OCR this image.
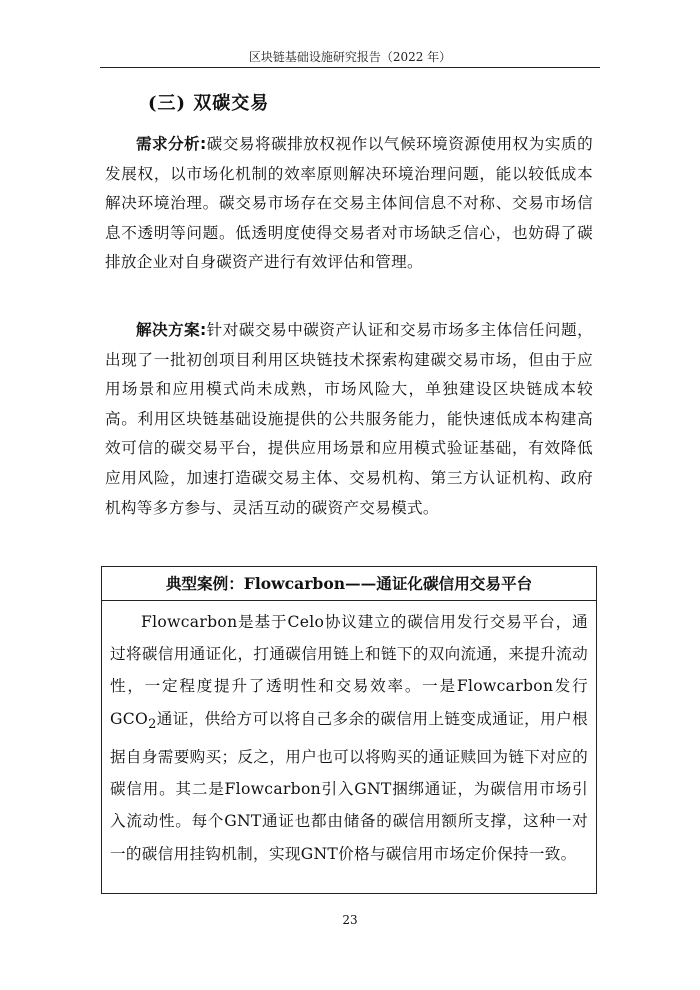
区块链基础设施研究报告（2022 年）
(三) 双碳交易

需求分析:碳交易将碳排放权视作以气候环境资源使用权为实质的发展权，以市场化机制的效率原则解决环境治理问题，能以较低成本解决环境治理。碳交易市场存在交易主体间信息不对称、交易市场信息不透明等问题。低透明度使得交易者对市场缺乏信心，也妨碍了碳排放企业对自身碳资产进行有效评估和管理。

解决方案:针对碳交易中碳资产认证和交易市场多主体信任问题，出现了一批初创项目利用区块链技术探索构建碳交易市场，但由于应用场景和应用模式尚未成熟，市场风险大，单独建设区块链成本较高。利用区块链基础设施提供的公共服务能力，能快速低成本构建高效可信的碳交易平台，提供应用场景和应用模式验证基础，有效降低应用风险，加速打造碳交易主体、交易机构、第三方认证机构、政府机构等多方参与、灵活互动的碳资产交易模式。

典型案例：Flowcarbon——通证化碳信用交易平台

Flowcarbon是基于Celo协议建立的碳信用发行交易平台，通过将碳信用通证化，打通碳信用链上和链下的双向流通，来提升流动性，一定程度提升了透明性和交易效率。一是Flowcarbon发行$GCO_2$通证，供给方可以将自己多余的碳信用上链变成通证，用户根据自身需要购买；反之，用户也可以将购买的通证赎回为链下对应的碳信用。其二是Flowcarbon引入GNT捆绑通证，为碳信用市场引入流动性。每个GNT通证也都由储备的碳信用额所支撑，这种一对一的碳信用挂钩机制，实现GNT价格与碳信用市场定价保持一致。

23
